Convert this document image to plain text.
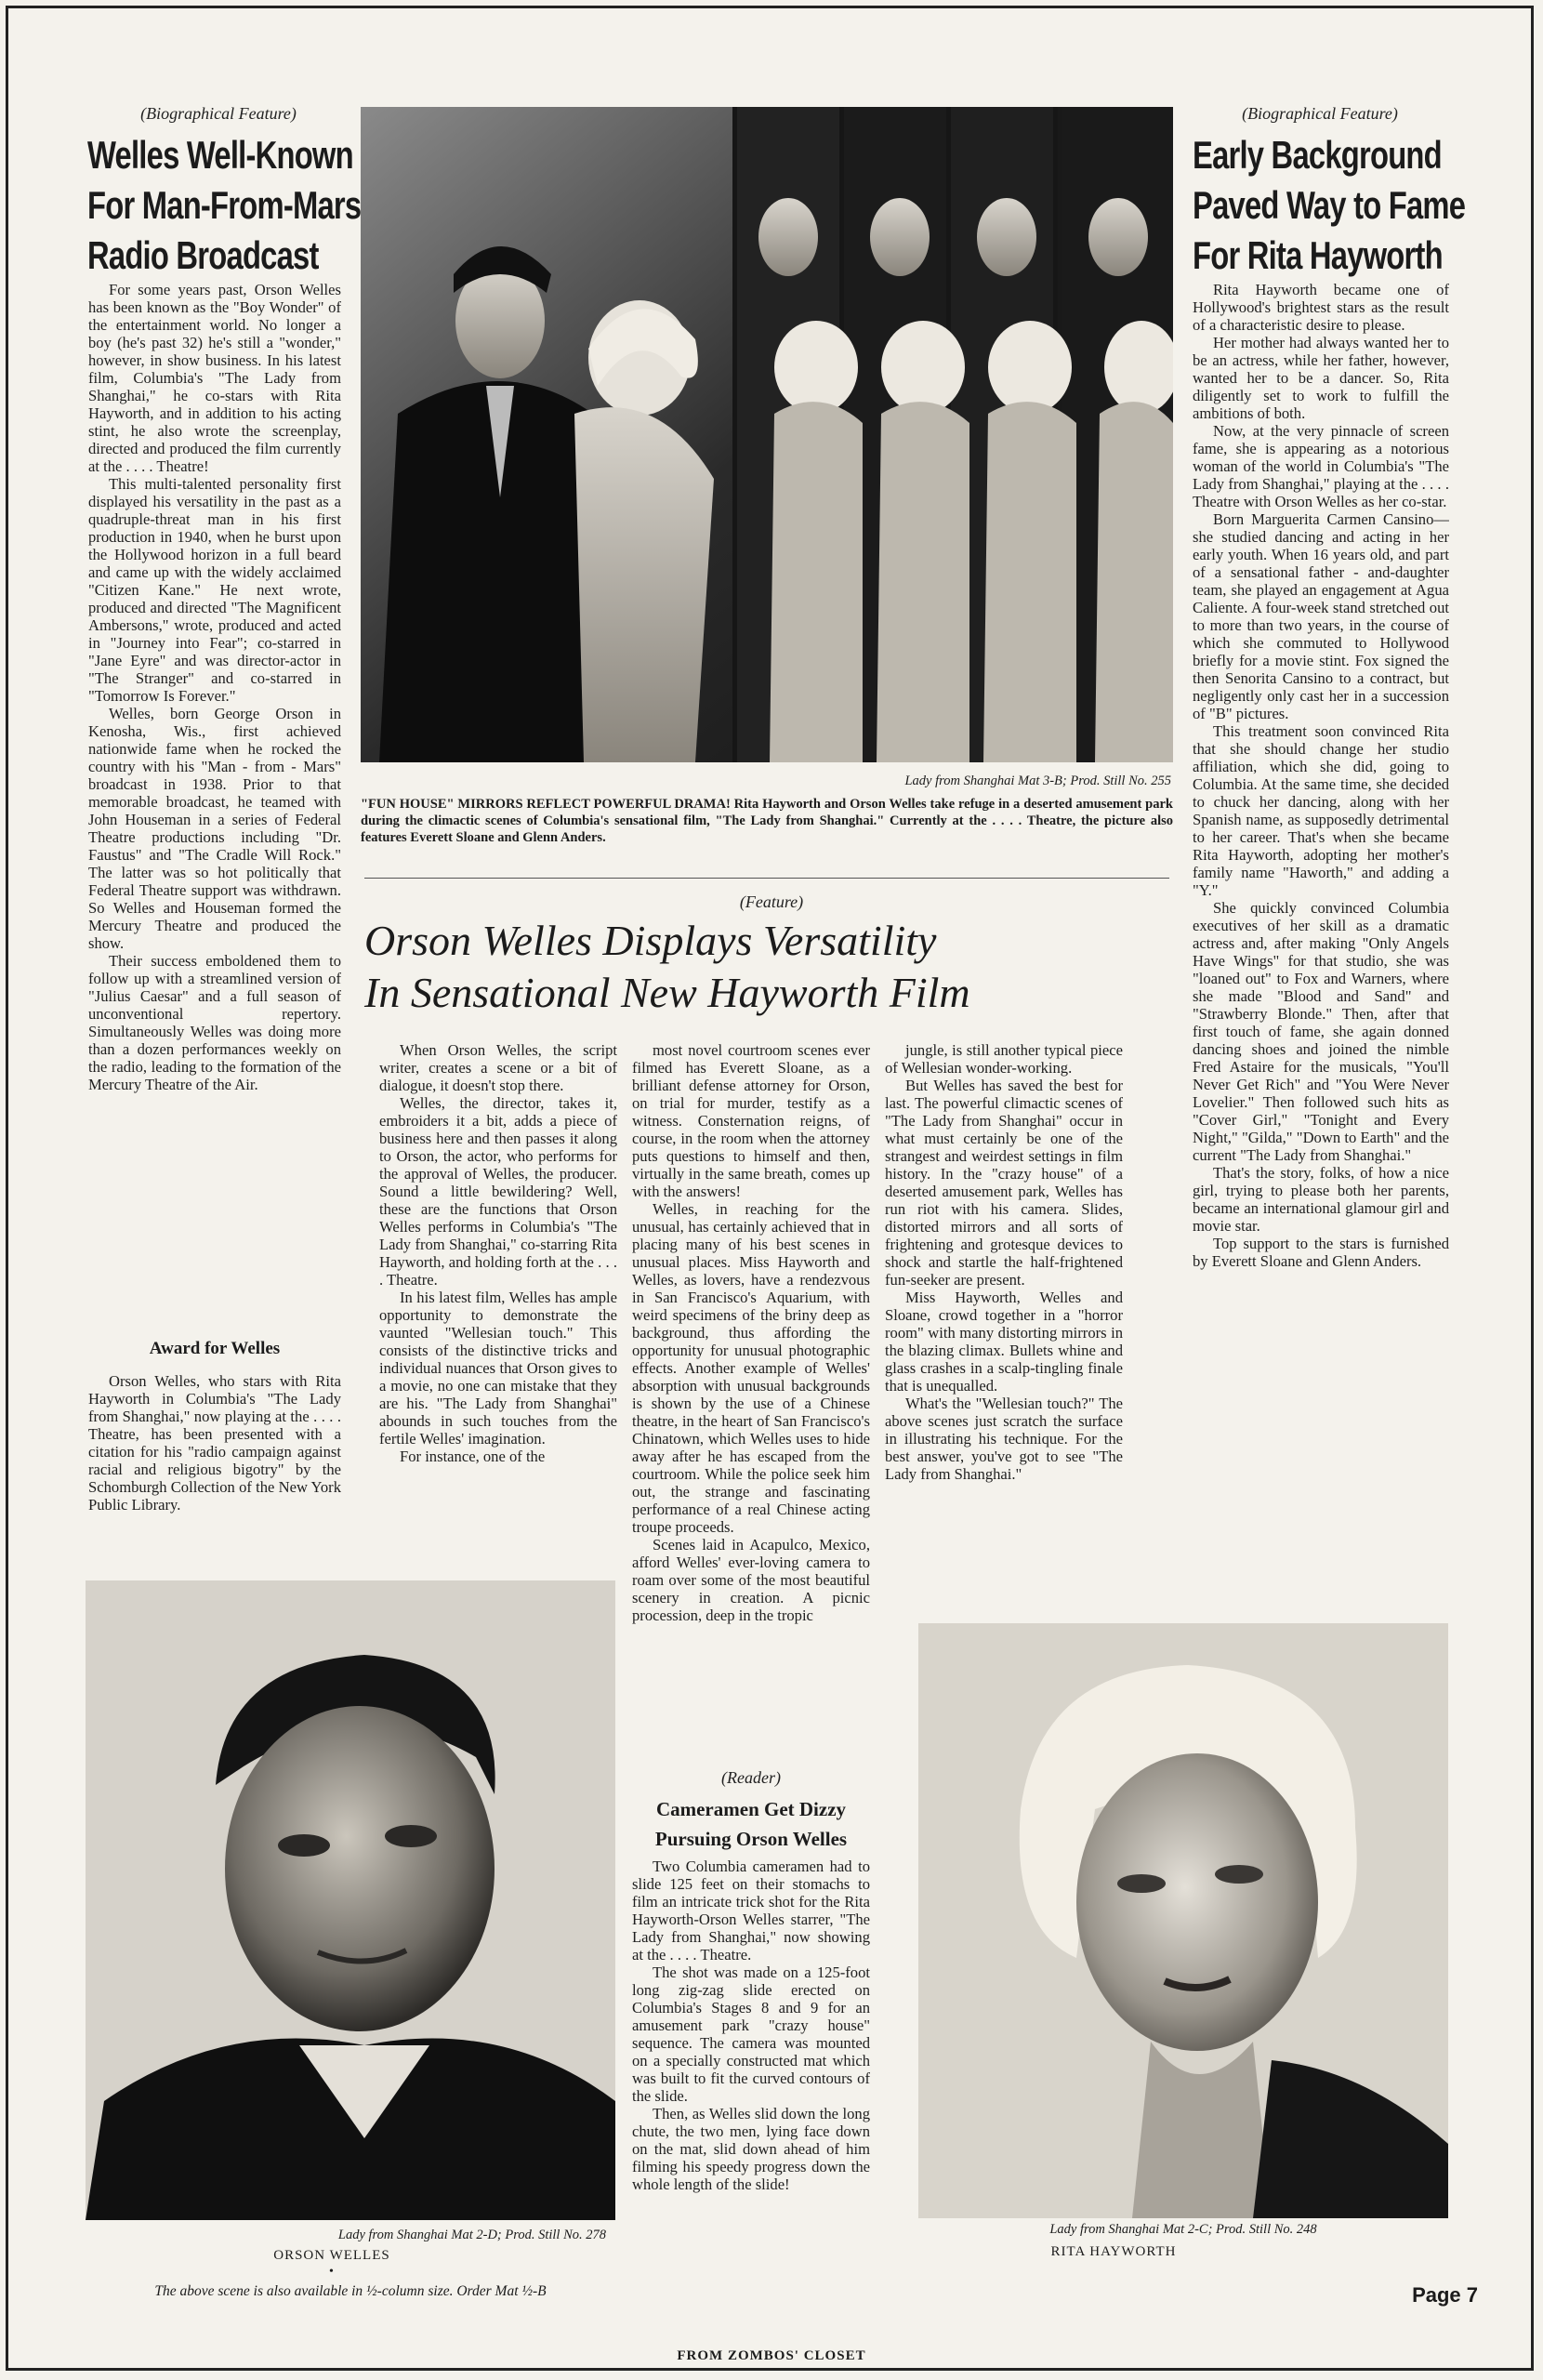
(Biographical Feature)
Welles Well-Known
For Man-From-Mars
Radio Broadcast

For some years past, Orson Welles has been known as the "Boy Wonder" of the entertainment world. No longer a boy (he's past 32) he's still a "wonder," however, in show business. In his latest film, Columbia's "The Lady from Shanghai," he co-stars with Rita Hayworth, and in addition to his acting stint, he also wrote the screenplay, directed and produced the film currently at the . . . . Theatre!

This multi-talented personality first displayed his versatility in the past as a quadruple-threat man in his first production in 1940, when he burst upon the Hollywood horizon in a full beard and came up with the widely acclaimed "Citizen Kane." He next wrote, produced and directed "The Magnificent Ambersons," wrote, produced and acted in "Journey into Fear"; co-starred in "Jane Eyre" and was director-actor in "The Stranger" and co-starred in "Tomorrow Is Forever."

Welles, born George Orson in Kenosha, Wis., first achieved nationwide fame when he rocked the country with his "Man - from - Mars" broadcast in 1938. Prior to that memorable broadcast, he teamed with John Houseman in a series of Federal Theatre productions including "Dr. Faustus" and "The Cradle Will Rock." The latter was so hot politically that Federal Theatre support was withdrawn. So Welles and Houseman formed the Mercury Theatre and produced the show.

Their success emboldened them to follow up with a streamlined version of "Julius Caesar" and a full season of unconventional repertory. Simultaneously Welles was doing more than a dozen performances weekly on the radio, leading to the formation of the Mercury Theatre of the Air.

Award for Welles

Orson Welles, who stars with Rita Hayworth in Columbia's "The Lady from Shanghai," now playing at the . . . . Theatre, has been presented with a citation for his "radio campaign against racial and religious bigotry" by the Schomburgh Collection of the New York Public Library.

Lady from Shanghai Mat 3-B; Prod. Still No. 255
"FUN HOUSE" MIRRORS REFLECT POWERFUL DRAMA! Rita Hayworth and Orson Welles take refuge in a deserted amusement park during the climactic scenes of Columbia's sensational film, "The Lady from Shanghai." Currently at the . . . . Theatre, the picture also features Everett Sloane and Glenn Anders.
(Feature)
Orson Welles Displays Versatility
In Sensational New Hayworth Film

When Orson Welles, the script writer, creates a scene or a bit of dialogue, it doesn't stop there.

Welles, the director, takes it, embroiders it a bit, adds a piece of business here and then passes it along to Orson, the actor, who performs for the approval of Welles, the producer. Sound a little bewildering? Well, these are the functions that Orson Welles performs in Columbia's "The Lady from Shanghai," co-starring Rita Hayworth, and holding forth at the . . . . Theatre.

In his latest film, Welles has ample opportunity to demonstrate the vaunted "Wellesian touch." This consists of the distinctive tricks and individual nuances that Orson gives to a movie, no one can mistake that they are his. "The Lady from Shanghai" abounds in such touches from the fertile Welles' imagination.

For instance, one of the

most novel courtroom scenes ever filmed has Everett Sloane, as a brilliant defense attorney for Orson, on trial for murder, testify as a witness. Consternation reigns, of course, in the room when the attorney puts questions to himself and then, virtually in the same breath, comes up with the answers!

Welles, in reaching for the unusual, has certainly achieved that in placing many of his best scenes in unusual places. Miss Hayworth and Welles, as lovers, have a rendezvous in San Francisco's Aquarium, with weird specimens of the briny deep as background, thus affording the opportunity for unusual photographic effects. Another example of Welles' absorption with unusual backgrounds is shown by the use of a Chinese theatre, in the heart of San Francisco's Chinatown, which Welles uses to hide away after he has escaped from the courtroom. While the police seek him out, the strange and fascinating performance of a real Chinese acting troupe proceeds.

Scenes laid in Acapulco, Mexico, afford Welles' ever-loving camera to roam over some of the most beautiful scenery in creation. A picnic procession, deep in the tropic

jungle, is still another typical piece of Wellesian wonder-working.

But Welles has saved the best for last. The powerful climactic scenes of "The Lady from Shanghai" occur in what must certainly be one of the strangest and weirdest settings in film history. In the "crazy house" of a deserted amusement park, Welles has run riot with his camera. Slides, distorted mirrors and all sorts of frightening and grotesque devices to shock and startle the half-frightened fun-seeker are present.

Miss Hayworth, Welles and Sloane, crowd together in a "horror room" with many distorting mirrors in the blazing climax. Bullets whine and glass crashes in a scalp-tingling finale that is unequalled.

What's the "Wellesian touch?" The above scenes just scratch the surface in illustrating his technique. For the best answer, you've got to see "The Lady from Shanghai."

(Biographical Feature)
Early Background
Paved Way to Fame
For Rita Hayworth

Rita Hayworth became one of Hollywood's brightest stars as the result of a characteristic desire to please.

Her mother had always wanted her to be an actress, while her father, however, wanted her to be a dancer. So, Rita diligently set to work to fulfill the ambitions of both.

Now, at the very pinnacle of screen fame, she is appearing as a notorious woman of the world in Columbia's "The Lady from Shanghai," playing at the . . . . Theatre with Orson Welles as her co-star.

Born Marguerita Carmen Cansino—she studied dancing and acting in her early youth. When 16 years old, and part of a sensational father - and-daughter team, she played an engagement at Agua Caliente. A four-week stand stretched out to more than two years, in the course of which she commuted to Hollywood briefly for a movie stint. Fox signed the then Senorita Cansino to a contract, but negligently only cast her in a succession of "B" pictures.

This treatment soon convinced Rita that she should change her studio affiliation, which she did, going to Columbia. At the same time, she decided to chuck her dancing, along with her Spanish name, as supposedly detrimental to her career. That's when she became Rita Hayworth, adopting her mother's family name "Haworth," and adding a "Y."

She quickly convinced Columbia executives of her skill as a dramatic actress and, after making "Only Angels Have Wings" for that studio, she was "loaned out" to Fox and Warners, where she made "Blood and Sand" and "Strawberry Blonde." Then, after that first touch of fame, she again donned dancing shoes and joined the nimble Fred Astaire for the musicals, "You'll Never Get Rich" and "You Were Never Lovelier." Then followed such hits as "Cover Girl," "Tonight and Every Night," "Gilda," "Down to Earth" and the current "The Lady from Shanghai."

That's the story, folks, of how a nice girl, trying to please both her parents, became an international glamour girl and movie star.

Top support to the stars is furnished by Everett Sloane and Glenn Anders.

Lady from Shanghai Mat 2-D; Prod. Still No. 278
ORSON WELLES
•
The above scene is also available in ½-column size. Order Mat ½-B
(Reader)
Cameramen Get Dizzy
Pursuing Orson Welles

Two Columbia cameramen had to slide 125 feet on their stomachs to film an intricate trick shot for the Rita Hayworth-Orson Welles starrer, "The Lady from Shanghai," now showing at the . . . . Theatre.

The shot was made on a 125-foot long zig-zag slide erected on Columbia's Stages 8 and 9 for an amusement park "crazy house" sequence. The camera was mounted on a specially constructed mat which was built to fit the curved contours of the slide.

Then, as Welles slid down the long chute, the two men, lying face down on the mat, slid down ahead of him filming his speedy progress down the whole length of the slide!

Lady from Shanghai Mat 2-C; Prod. Still No. 248
RITA HAYWORTH
Page 7
FROM ZOMBOS' CLOSET
